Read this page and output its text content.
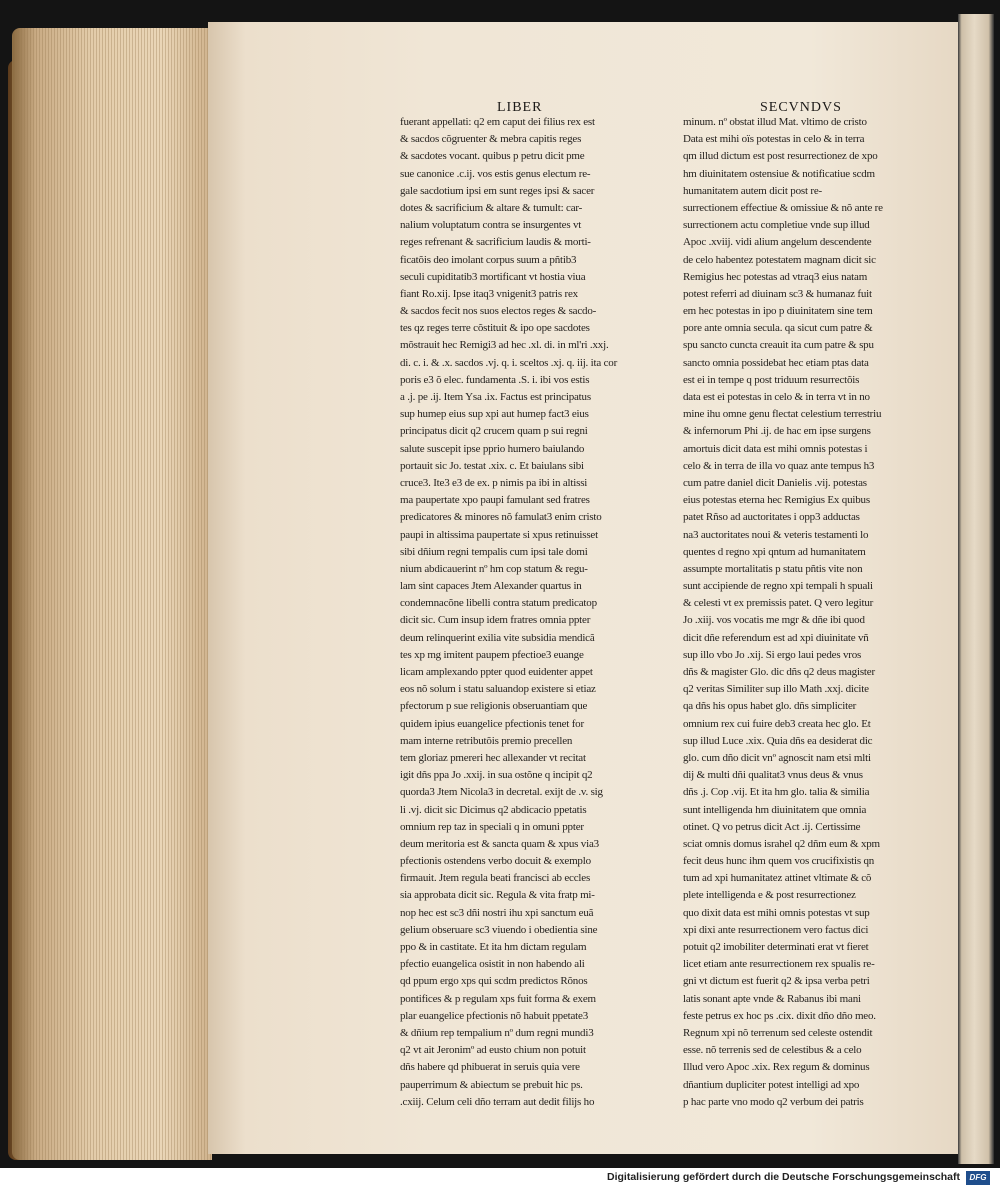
LIBER	SECVNDVS
fuerant appellati: q2 em caput dei filius rex est
& sacdos cõgruenter & mebra capitis reges
& sacdotes vocant. quibus p petru dicit pme
sue canonice .c.ij. vos estis genus electum re-
gale sacdotium ipsi em sunt reges ipsi & sacer
dotes & sacrificium & altare & tumult: car-
nalium voluptatum contra se insurgentes vt
reges refrenant & sacrificium laudis & morti-
ficatõis deo imolant corpus suum a pñtib3
seculi cupiditatib3 mortificant vt hostia viua
fiant Ro.xij. Ipse itaq3 vnigenit3 patris rex
& sacdos fecit nos suos electos reges & sacdo-
tes qz reges terre cõstituit & ipo ope sacdotes
mõstrauit hec Remigi3 ad hec .xl. di. in ml'ri .xxj.
di. c. i. & .x. sacdos .vj. q. i. sceltos .xj. q. iij. ita cor
poris e3 õ elec. fundamenta .S. i. ibi vos estis
a .j. pe .ij. Item Ysa .ix. Factus est principatus
sup humep eius sup xpi aut humep fact3 eius
principatus dicit q2 crucem quam p sui regni
salute suscepit ipse pprio humero baiulando
portauit sic Jo. testat .xix. c. Et baiulans sibi
cruce3. Ite3 e3 de ex. p nimis pa ibi in altissi
ma paupertate xpo paupi famulant sed fratres
predicatores & minores nõ famulat3 enim cristo
paupi in altissima paupertate si xpus retinuisset
sibi dñium regni tempalis cum ipsi tale domi
nium abdicauerint nº hm cop statum & regu-
lam sint capaces Jtem Alexander quartus in
condemnacõne libelli contra statum predicatop
dicit sic. Cum insup idem fratres omnia ppter
deum relinquerint exilia vite subsidia mendicã
tes xp mg imitent paupem pfectioe3 euange
licam amplexando ppter quod euidenter appet
eos nõ solum i statu saluandop existere si etiaz
pfectorum p sue religionis obseruantiam que
quidem ipius euangelice pfectionis tenet for
mam interne retributõis premio precellen
tem gloriaz pmereri hec allexander vt recitat
igit dñs ppa Jo .xxij. in sua ostõne q incipit q2
quorda3 Jtem Nicola3 in decretal. exijt de .v. sig
li .vj. dicit sic Dicimus q2 abdicacio ppetatis
omnium rep taz in speciali q in omuni ppter
deum meritoria est & sancta quam & xpus via3
pfectionis ostendens verbo docuit & exemplo
firmauit. Jtem regula beati francisci ab eccles
sia approbata dicit sic. Regula & vita fratp mi-
nop hec est sc3 dñi nostri ihu xpi sanctum euã
gelium obseruare sc3 viuendo i obedientia sine
ppo & in castitate. Et ita hm dictam regulam
pfectio euangelica osistit in non habendo ali
qd ppum ergo xps qui scdm predictos Rõnos
pontifices & p regulam xps fuit forma & exem
plar euangelice pfectionis nõ habuit ppetate3
& dñium rep tempalium nº dum regni mundi3
q2 vt ait Jeronimº ad eusto chium non potuit
dñs habere qd phibuerat in seruis quia vere
pauperrimum & abiectum se prebuit hic ps.
.cxiij. Celum celi dño terram aut dedit filijs ho
minum. nº obstat illud Mat. vltimo de cristo
Data est mihi oïs potestas in celo & in terra
qm illud dictum est post resurrectionez de xpo
hm diuinitatem ostensiue & notificatiue scdm
humanitatem autem dicit post re-
surrectionem effectiue & omissiue & nõ ante re
surrectionem actu completiue vnde sup illud
Apoc .xviij. vidi alium angelum descendente
de celo habentez potestatem magnam dicit sic
Remigius hec potestas ad vtraq3 eius natam
potest referri ad diuinam sc3 & humanaz fuit
em hec potestas in ipo p diuinitatem sine tem
pore ante omnia secula. qa sicut cum patre &
spu sancto cuncta creauit ita cum patre & spu
sancto omnia possidebat hec etiam ptas data
est ei in tempe q post triduum resurrectõis
data est ei potestas in celo & in terra vt in no
mine ihu omne genu flectat celestium terrestriu
& infernorum Phi .ij. de hac em ipse surgens
amortuis dicit data est mihi omnis potestas i
celo & in terra de illa vo quaz ante tempus h3
cum patre daniel dicit Danielis .vij. potestas
eius potestas eterna hec Remigius Ex quibus
patet Rñso ad auctoritates i opp3 adductas
na3 auctoritates noui & veteris testamenti lo
quentes d regno xpi qntum ad humanitatem
assumpte mortalitatis p statu pñtis vite non
sunt accipiende de regno xpi tempali h spuali
& celesti vt ex premissis patet. Q vero legitur
Jo .xiij. vos vocatis me mgr & dñe ibi quod
dicit dñe referendum est ad xpi diuinitate vñ
sup illo vbo Jo .xij. Si ergo laui pedes vros
dñs & magister Glo. dic dñs q2 deus magister
q2 veritas Similiter sup illo Math .xxj. dicite
qa dñs his opus habet glo. dñs simpliciter
omnium rex cui fuire deb3 creata hec glo. Et
sup illud Luce .xix. Quia dñs ea desiderat dic
glo. cum dño dicit vnº agnoscit nam etsi mlti
dij & multi dñi qualitat3 vnus deus & vnus
dñs .j. Cop .vij. Et ita hm glo. talia & similia
sunt intelligenda hm diuinitatem que omnia
otinet. Q vo petrus dicit Act .ij. Certissime
sciat omnis domus israhel q2 dñm eum & xpm
fecit deus hunc ihm quem vos crucifixistis qn
tum ad xpi humanitatez attinet vltimate & cõ
plete intelligenda e & post resurrectionez
quo dixit data est mihi omnis potestas vt sup
xpi dixi ante resurrectionem vero factus dici
potuit q2 imobiliter determinati erat vt fieret
licet etiam ante resurrectionem rex spualis re-
gni vt dictum est fuerit q2 & ipsa verba petri
latis sonant apte vnde & Rabanus ibi mani
feste petrus ex hoc ps .cix. dixit dño dño meo.
Regnum xpi nõ terrenum sed celeste ostendit
esse. nõ terrenis sed de celestibus & a celo
Illud vero Apoc .xix. Rex regum & dominus
dñantium dupliciter potest intelligi ad xpo
p hac parte vno modo q2 verbum dei patris
Digitalisierung gefördert durch die Deutsche Forschungsgemeinschaft	DFG
